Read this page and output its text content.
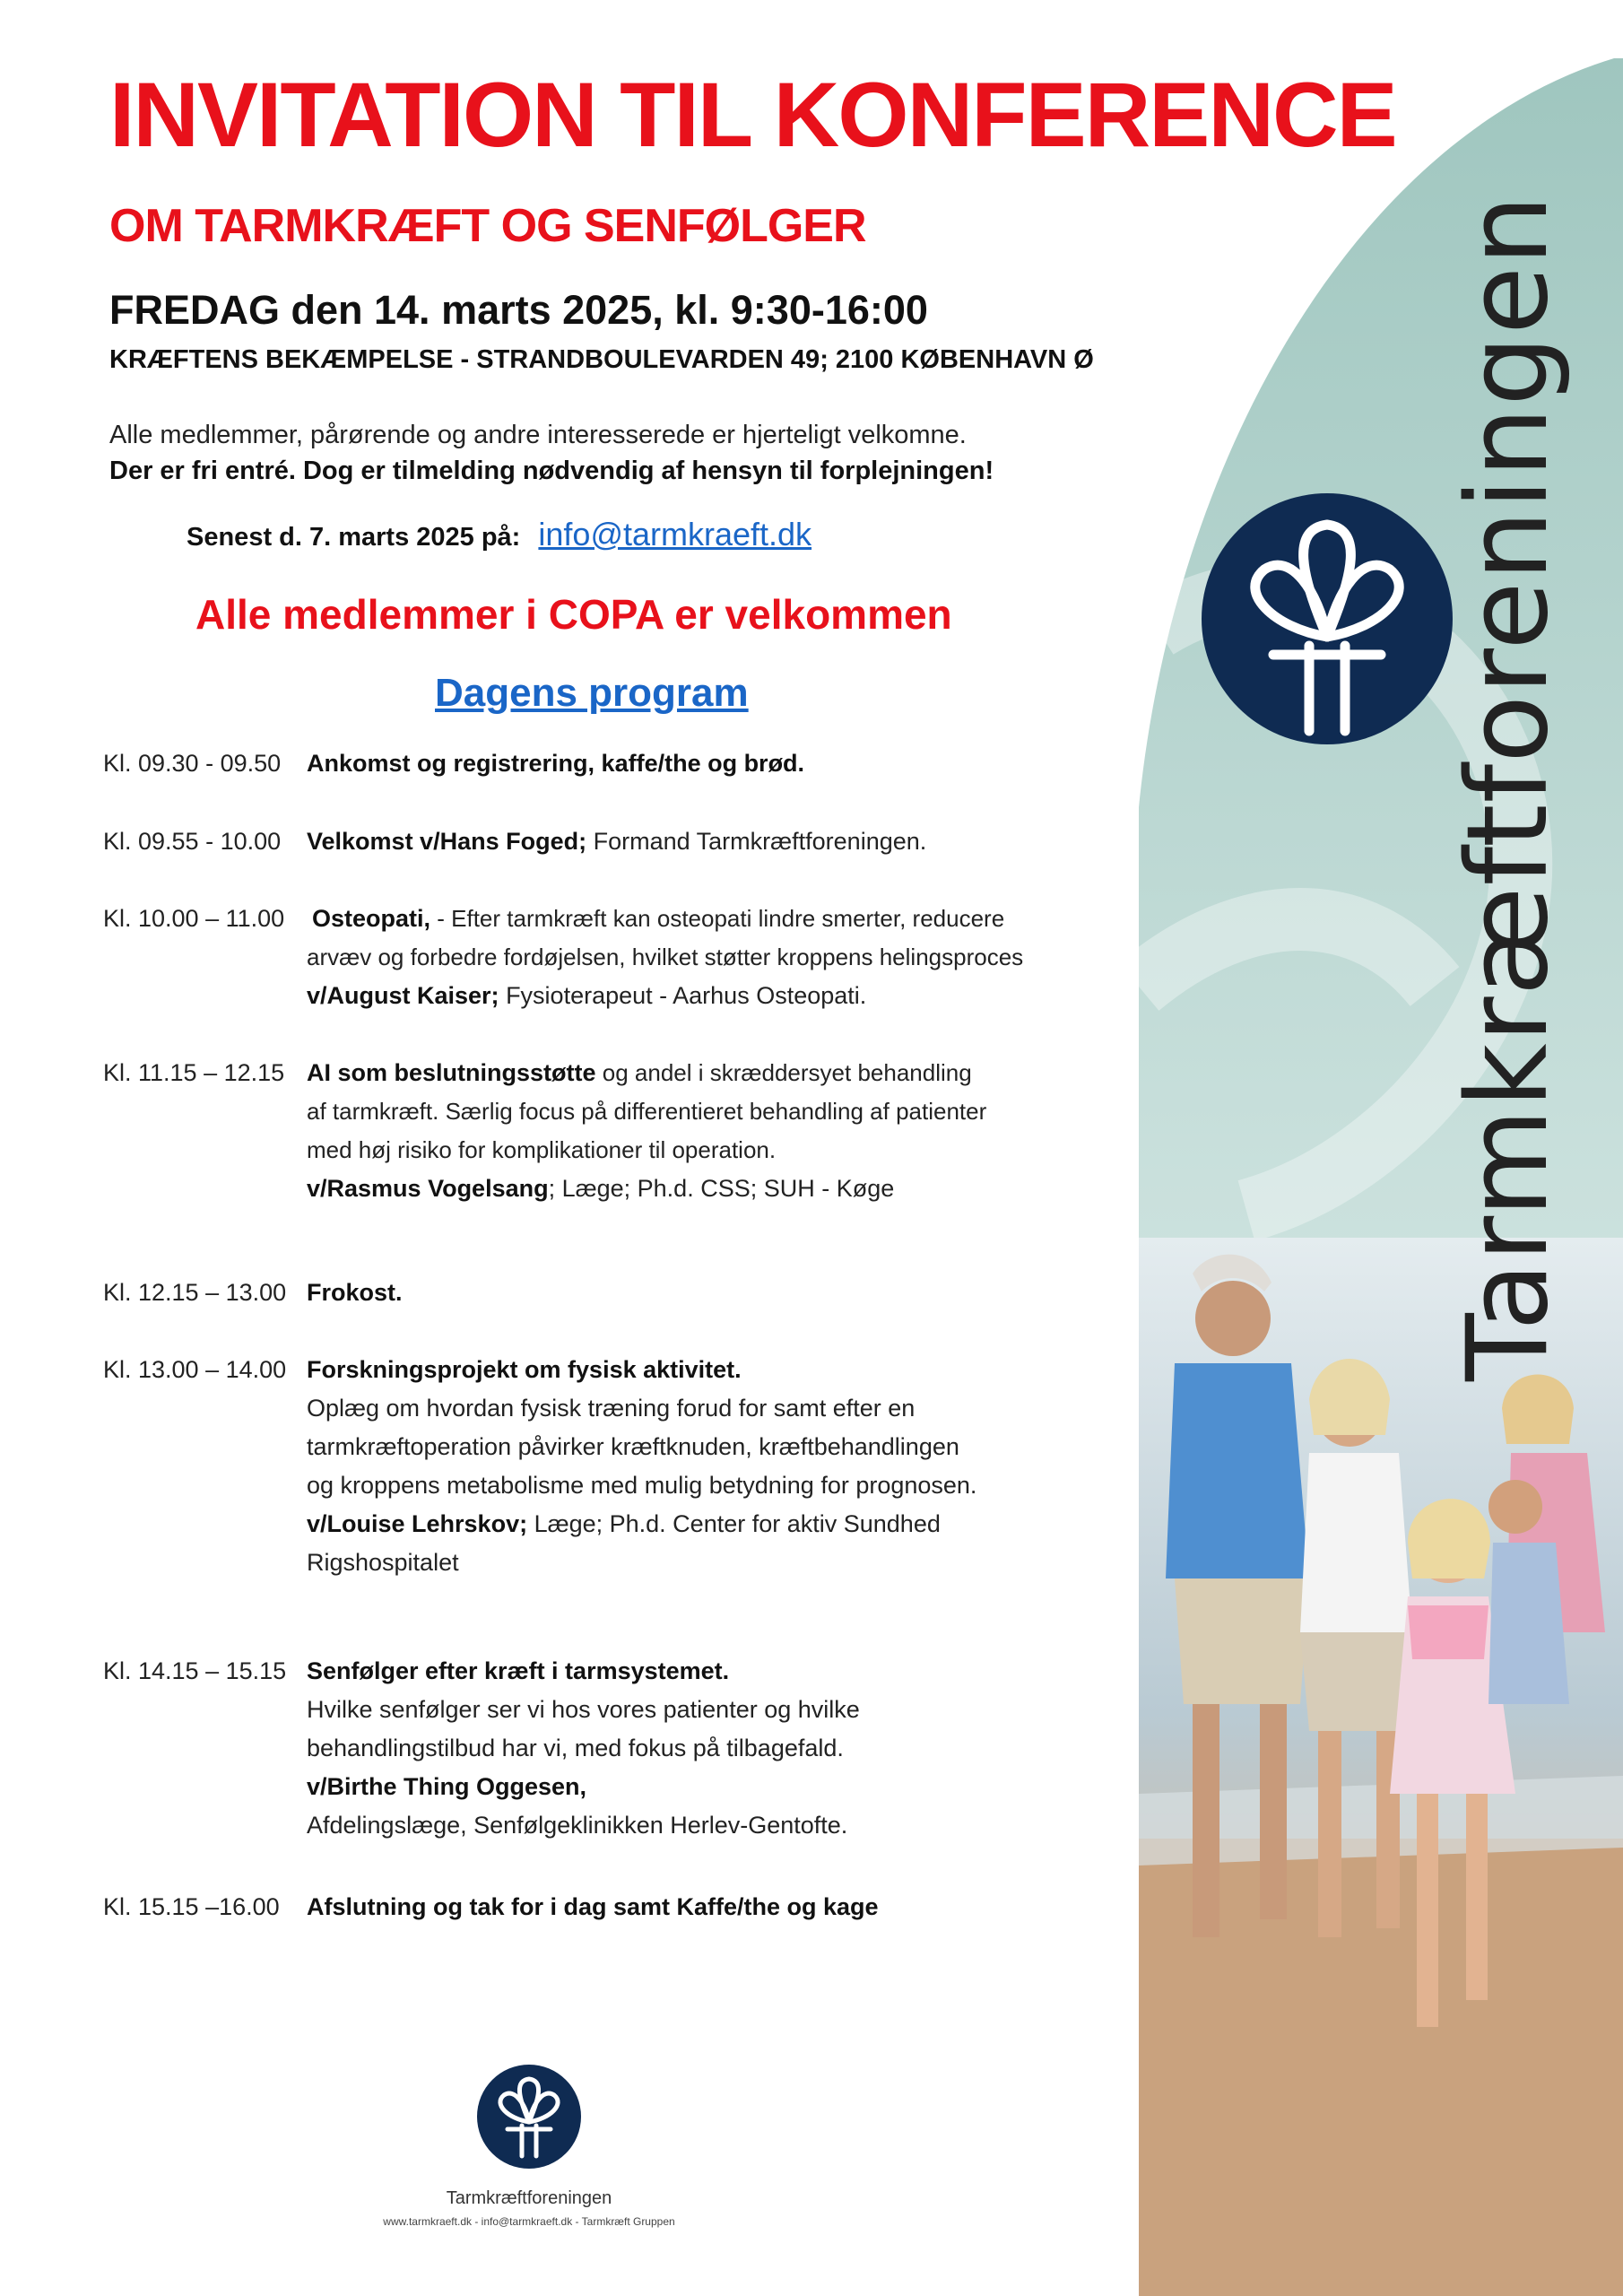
Tarmkræftforeningen
INVITATION TIL KONFERENCE
OM TARMKRÆFT OG SENFØLGER
FREDAG den 14. marts 2025, kl. 9:30-16:00
KRÆFTENS BEKÆMPELSE - STRANDBOULEVARDEN 49; 2100 KØBENHAVN Ø
Alle medlemmer, pårørende og andre interesserede er hjerteligt velkomne.
Der er fri entré. Dog er tilmelding nødvendig af hensyn til forplejningen!
Senest d. 7. marts 2025 på: info@tarmkraeft.dk
Alle medlemmer i COPA er velkommen
Dagens program
Kl. 09.30 - 09.50	Ankomst og registrering, kaffe/the og brød.
Kl. 09.55 - 10.00	Velkomst v/Hans Foged; Formand Tarmkræftforeningen.
Kl. 10.00 – 11.00	Osteopati, - Efter tarmkræft kan osteopati lindre smerter, reducere
arvæv og forbedre fordøjelsen, hvilket støtter kroppens helingsproces
v/August Kaiser; Fysioterapeut - Aarhus Osteopati.
Kl. 11.15 – 12.15 AI som beslutningsstøtte og andel i skræddersyet behandling
af tarmkræft. Særlig focus på differentieret behandling af patienter
med høj risiko for komplikationer til operation.
v/Rasmus Vogelsang; Læge; Ph.d. CSS; SUH - Køge
Kl. 12.15 – 13.00 Frokost.
Kl. 13.00 – 14.00 Forskningsprojekt om fysisk aktivitet.
Oplæg om hvordan fysisk træning forud for samt efter en
tarmkræftoperation påvirker kræftknuden, kræftbehandlingen
og kroppens metabolisme med mulig betydning for prognosen.
v/Louise Lehrskov; Læge; Ph.d. Center for aktiv Sundhed
Rigshospitalet
Kl. 14.15 – 15.15 Senfølger efter kræft i tarmsystemet.
Hvilke senfølger ser vi hos vores patienter og hvilke
behandlingstilbud har vi, med fokus på tilbagefald.
v/Birthe Thing Oggesen,
Afdelingslæge, Senfølgeklinikken Herlev-Gentofte.
Kl. 15.15 –16.00	Afslutning og tak for i dag samt Kaffe/the og kage
Tarmkræftforeningen
www.tarmkraeft.dk - info@tarmkraeft.dk - Tarmkræft Gruppen
